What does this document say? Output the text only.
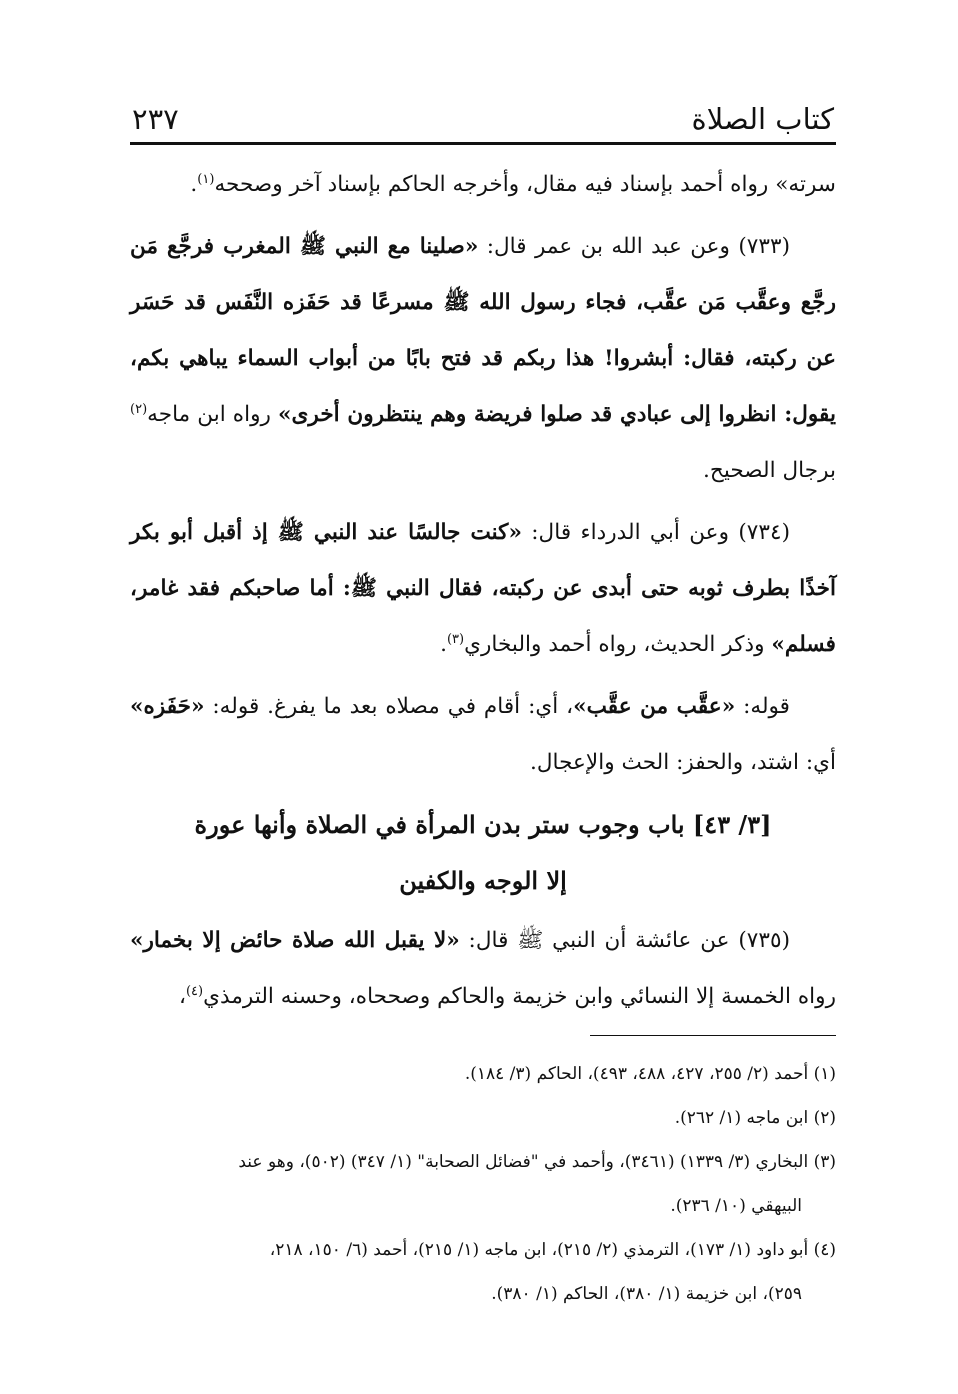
كتاب الصلاة
٢٣٧

سرته» رواه أحمد بإسناد فيه مقال، وأخرجه الحاكم بإسناد آخر وصححه$^{(١)}$.

(٧٣٣) وعن عبد الله بن عمر قال: «صلينا مع النبي ﷺ المغرب فرجَّع مَن رجَّع وعقَّب مَن عقَّب، فجاء رسول الله ﷺ مسرعًا قد حَفَزه النَّفَس قد حَسَر عن ركبته، فقال: أبشروا! هذا ربكم قد فتح بابًا من أبواب السماء يباهي بكم، يقول: انظروا إلى عبادي قد صلوا فريضة وهم ينتظرون أخرى» رواه ابن ماجه$^{(٢)}$ برجال الصحيح.

(٧٣٤) وعن أبي الدرداء قال: «كنت جالسًا عند النبي ﷺ إذ أقبل أبو بكر آخذًا بطرف ثوبه حتى أبدى عن ركبته، فقال النبي ﷺ: أما صاحبكم فقد غامر، فسلم» وذكر الحديث، رواه أحمد والبخاري$^{(٣)}$.

قوله: «عقَّب من عقَّب»، أي: أقام في مصلاه بعد ما يفرغ. قوله: «حَفَزه» أي: اشتد، والحفز: الحث والإعجال.

[٣/ ٤٣] باب وجوب ستر بدن المرأة في الصلاة وأنها عورة
إلا الوجه والكفين

(٧٣٥) عن عائشة أن النبي ﷺ قال: «لا يقبل الله صلاة حائض إلا بخمار» رواه الخمسة إلا النسائي وابن خزيمة والحاكم وصححاه، وحسنه الترمذي$^{(٤)}$،

(١) أحمد (٢/ ٢٥٥، ٤٢٧، ٤٨٨، ٤٩٣)، الحاكم (٣/ ١٨٤).

(٢) ابن ماجه (١/ ٢٦٢).

(٣) البخاري (٣/ ١٣٣٩) (٣٤٦١)، وأحمد في "فضائل الصحابة" (١/ ٣٤٧) (٥٠٢)، وهو عند
البيهقي (١٠/ ٢٣٦).

(٤) أبو داود (١/ ١٧٣)، الترمذي (٢/ ٢١٥)، ابن ماجه (١/ ٢١٥)، أحمد (٦/ ١٥٠، ٢١٨،
٢٥٩)، ابن خزيمة (١/ ٣٨٠)، الحاكم (١/ ٣٨٠).
